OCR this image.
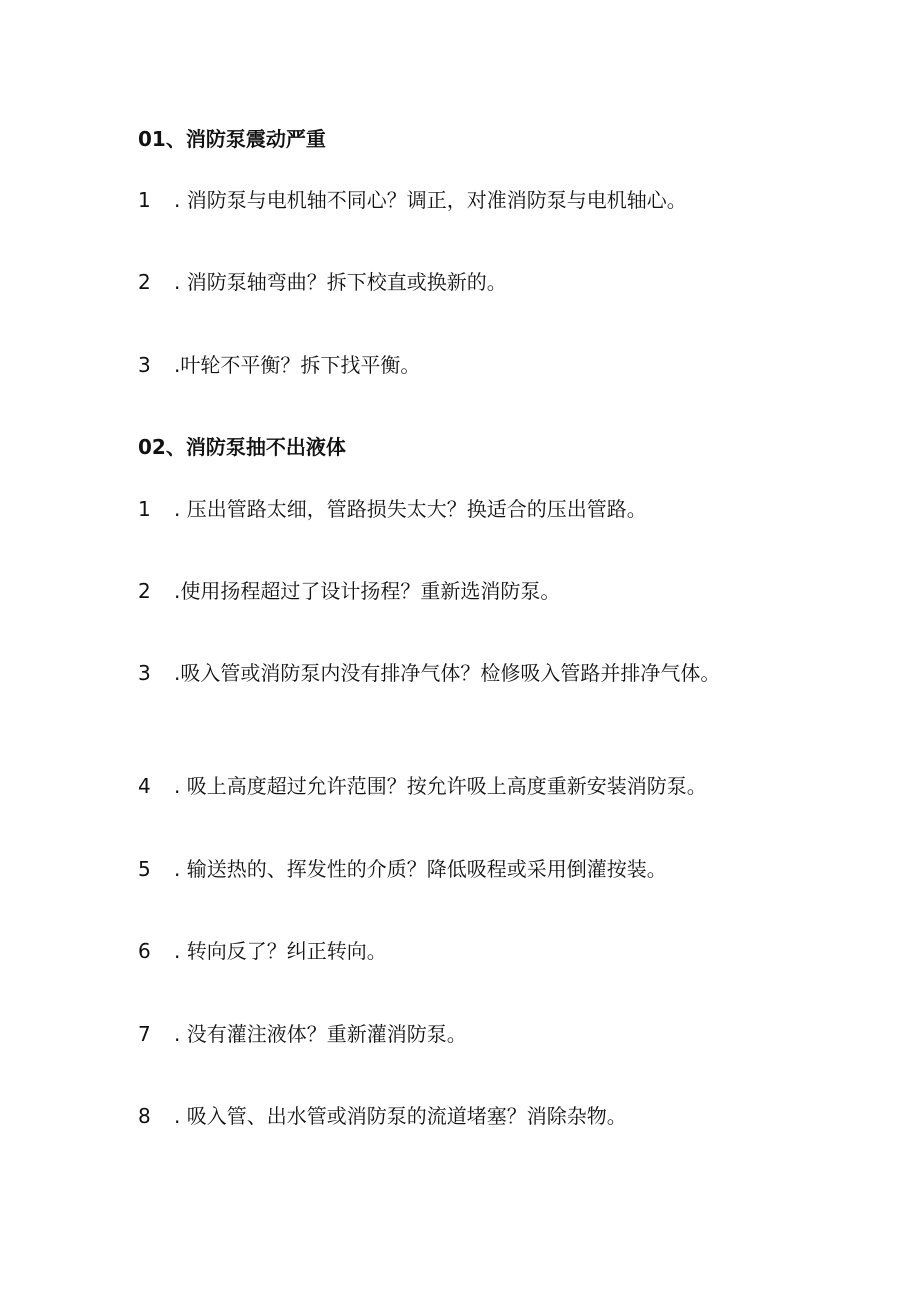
01、消防泵震动严重
1 . 消防泵与电机轴不同心？调正，对准消防泵与电机轴心。
2 . 消防泵轴弯曲？拆下校直或换新的。
3 .叶轮不平衡？拆下找平衡。
02、消防泵抽不出液体
1 . 压出管路太细，管路损失太大？换适合的压出管路。
2 .使用扬程超过了设计扬程？重新选消防泵。
3 .吸入管或消防泵内没有排净气体？检修吸入管路并排净气体。
4 . 吸上高度超过允许范围？按允许吸上高度重新安装消防泵。
5 . 输送热的、挥发性的介质？降低吸程或采用倒灌按装。
6 . 转向反了？纠正转向。
7 . 没有灌注液体？重新灌消防泵。
8 . 吸入管、出水管或消防泵的流道堵塞？消除杂物。
